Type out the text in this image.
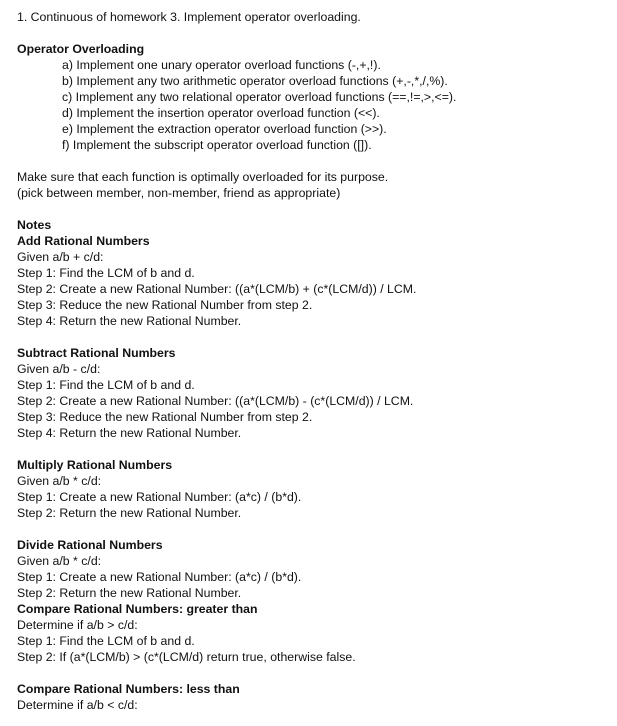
1. Continuous of homework 3. Implement operator overloading.
Operator Overloading
a) Implement one unary operator overload functions (-,+,!).
b) Implement any two arithmetic operator overload functions (+,-,*,/,%).
c) Implement any two relational operator overload functions (==,!=,>,<=).
d) Implement the insertion operator overload function (<<).
e) Implement the extraction operator overload function (>>).
f) Implement the subscript operator overload function ([]).
Make sure that each function is optimally overloaded for its purpose.
(pick between member, non-member, friend as appropriate)
Notes
Add Rational Numbers
Given a/b + c/d:
Step 1: Find the LCM of b and d.
Step 2: Create a new Rational Number: ((a*(LCM/b) + (c*(LCM/d)) / LCM.
Step 3: Reduce the new Rational Number from step 2.
Step 4: Return the new Rational Number.
Subtract Rational Numbers
Given a/b - c/d:
Step 1: Find the LCM of b and d.
Step 2: Create a new Rational Number: ((a*(LCM/b) - (c*(LCM/d)) / LCM.
Step 3: Reduce the new Rational Number from step 2.
Step 4: Return the new Rational Number.
Multiply Rational Numbers
Given a/b * c/d:
Step 1: Create a new Rational Number: (a*c) / (b*d).
Step 2: Return the new Rational Number.
Divide Rational Numbers
Given a/b * c/d:
Step 1: Create a new Rational Number: (a*c) / (b*d).
Step 2: Return the new Rational Number.
Compare Rational Numbers: greater than
Determine if a/b > c/d:
Step 1: Find the LCM of b and d.
Step 2: If (a*(LCM/b) > (c*(LCM/d) return true, otherwise false.
Compare Rational Numbers: less than
Determine if a/b < c/d:
